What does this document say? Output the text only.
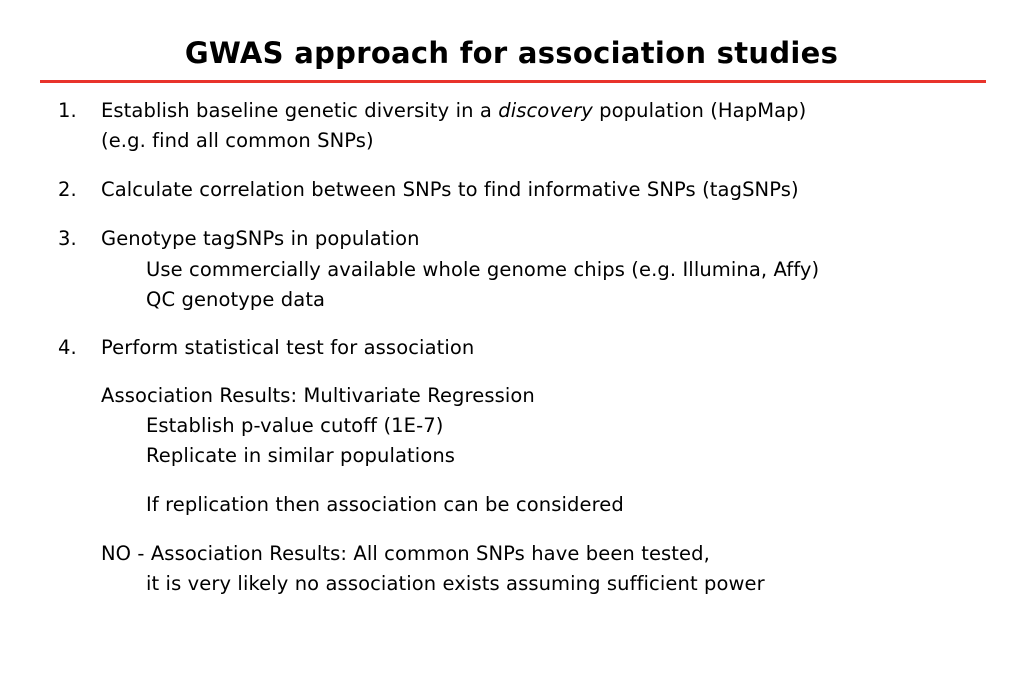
GWAS approach for association studies
1. Establish baseline genetic diversity in a discovery population (HapMap)
(e.g. find all common SNPs)
2. Calculate correlation between SNPs to find informative SNPs (tagSNPs)
3. Genotype tagSNPs in population
Use commercially available whole genome chips (e.g. Illumina, Affy)
QC genotype data
4. Perform statistical test for association
Association Results: Multivariate Regression
Establish p-value cutoff (1E-7)
Replicate in similar populations
If replication then association can be considered
NO - Association Results: All common SNPs have been tested,
it is very likely no association exists assuming sufficient power
